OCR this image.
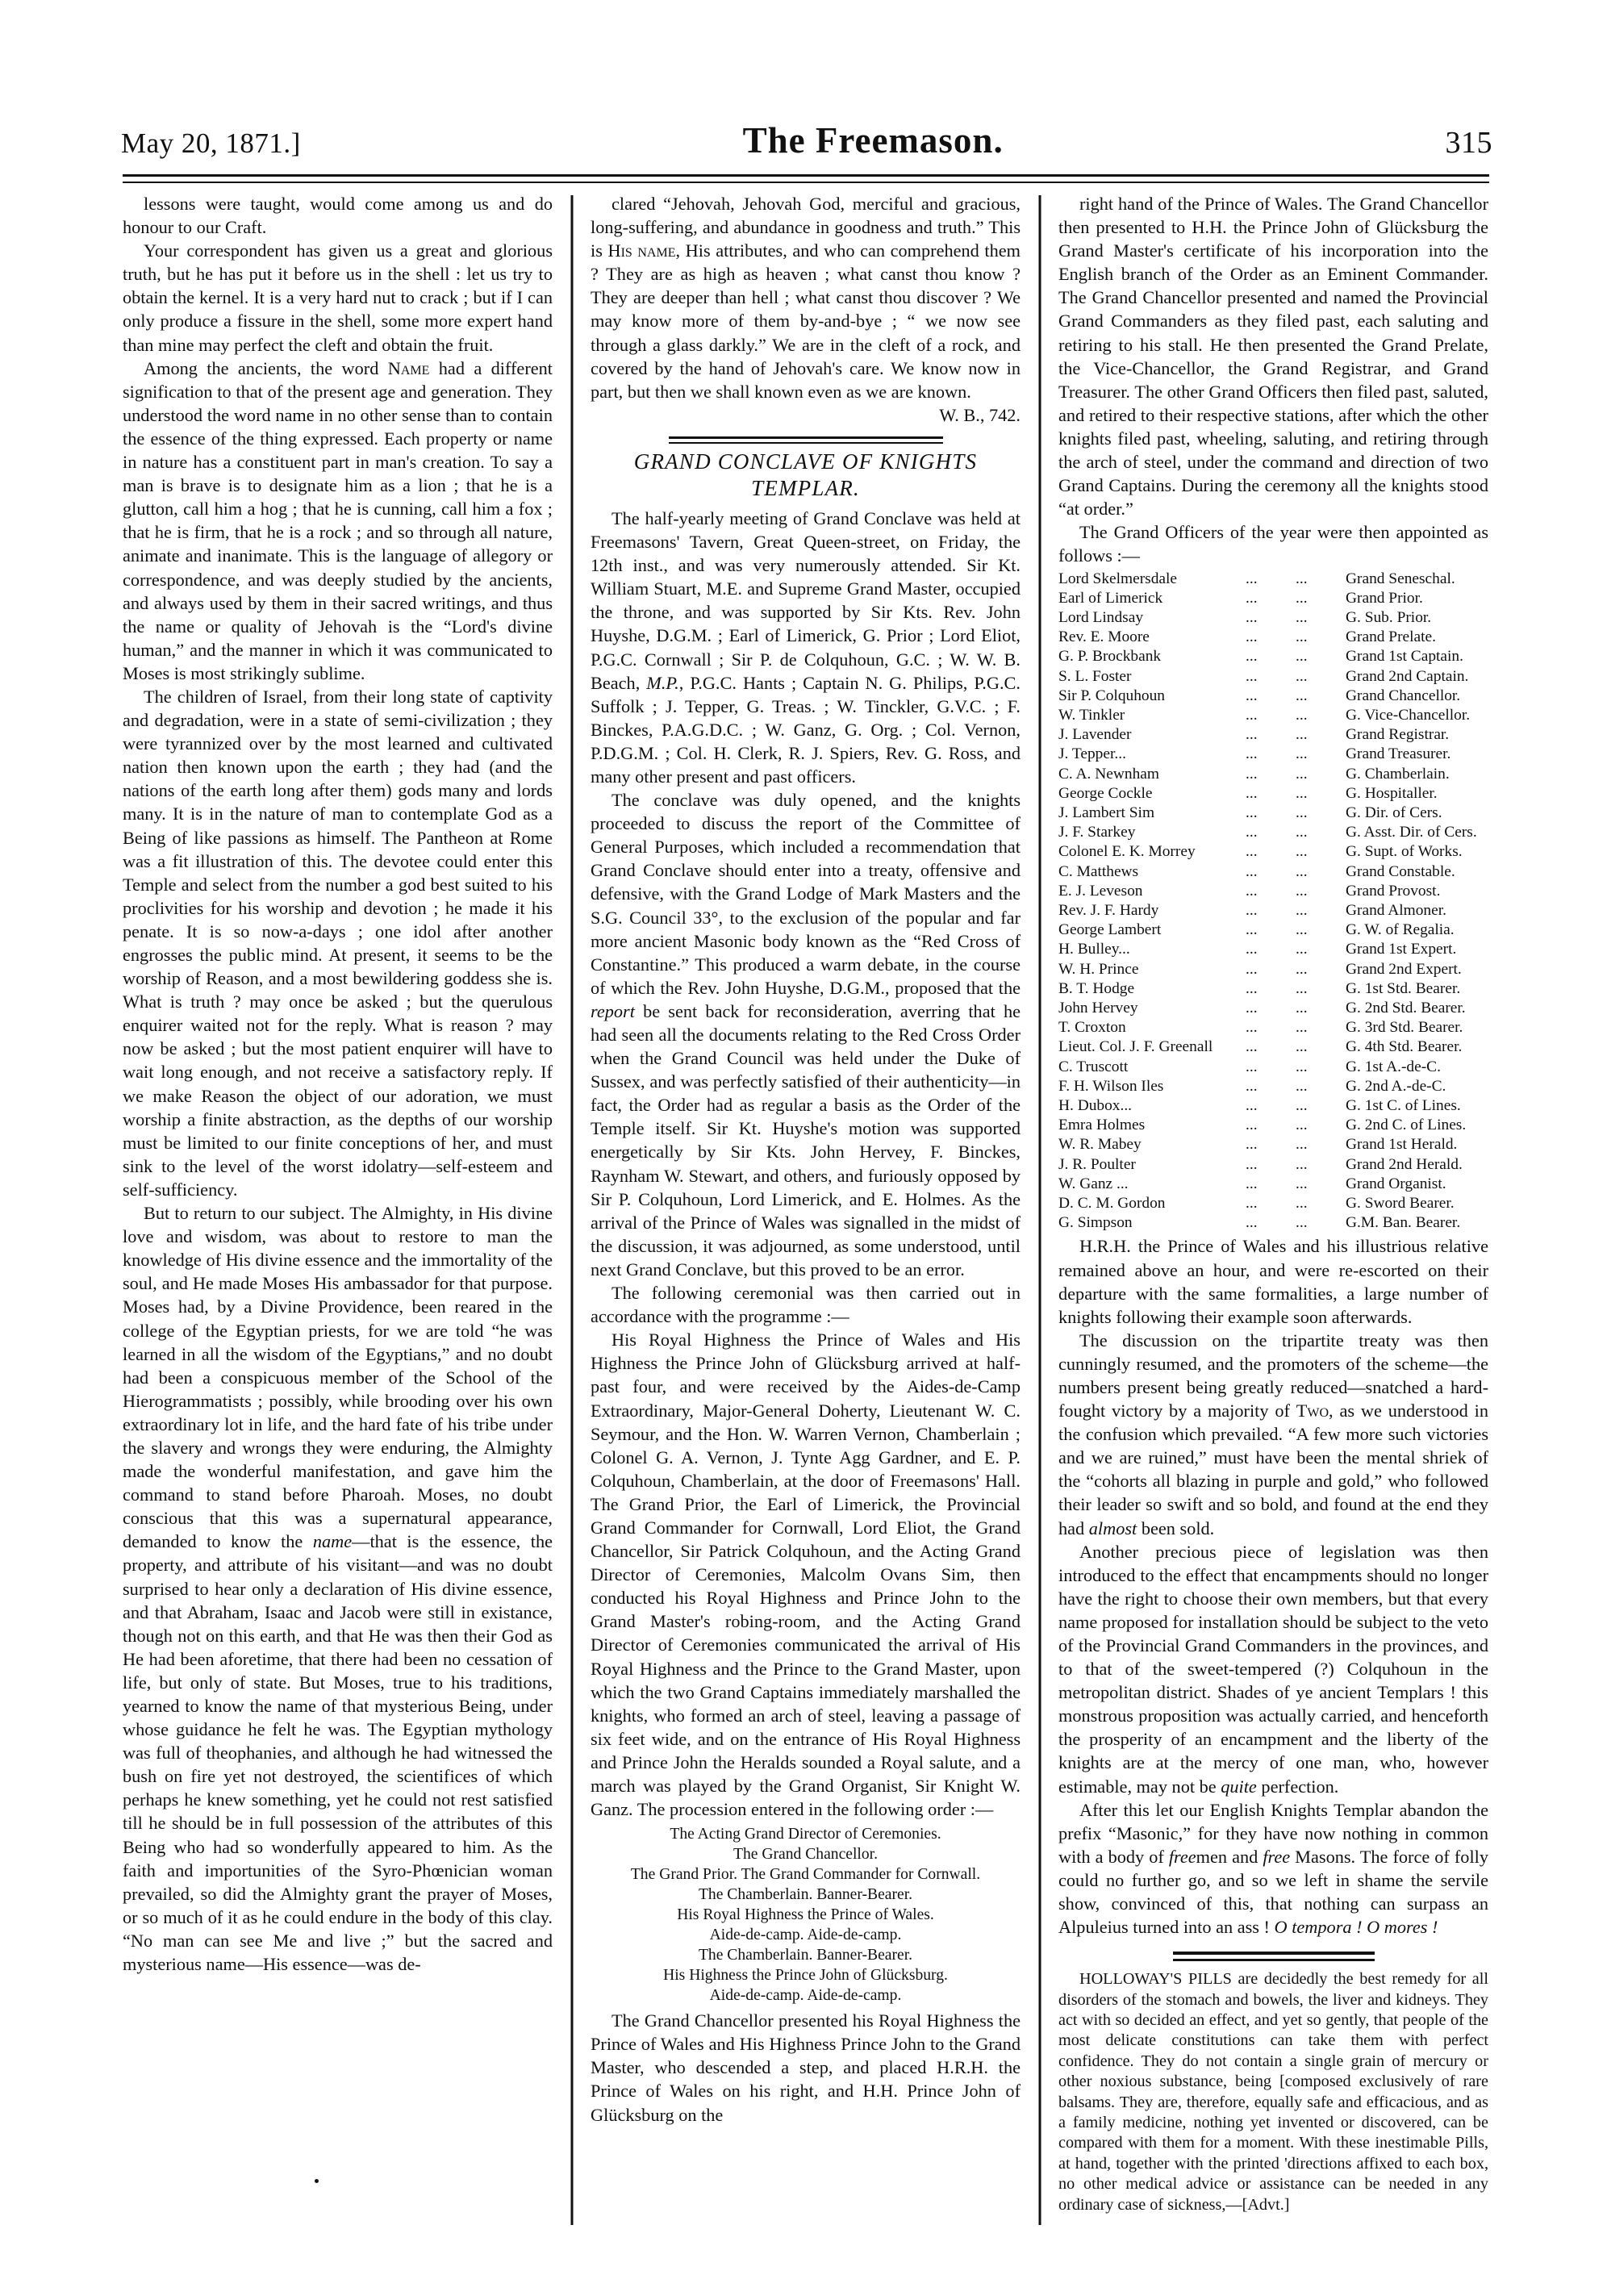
May 20, 1871.]	The Freemason.	315

lessons were taught, would come among us and do honour to our Craft.

Your correspondent has given us a great and glorious truth, but he has put it before us in the shell : let us try to obtain the kernel. It is a very hard nut to crack ; but if I can only produce a fissure in the shell, some more expert hand than mine may perfect the cleft and obtain the fruit.

Among the ancients, the word Name had a different signification to that of the present age and generation. They understood the word name in no other sense than to contain the essence of the thing expressed. Each property or name in nature has a constituent part in man's creation. To say a man is brave is to designate him as a lion ; that he is a glutton, call him a hog ; that he is cunning, call him a fox ; that he is firm, that he is a rock ; and so through all nature, animate and inanimate. This is the language of allegory or correspondence, and was deeply studied by the ancients, and always used by them in their sacred writings, and thus the name or quality of Jehovah is the “Lord's divine human,” and the manner in which it was communicated to Moses is most strikingly sublime.

The children of Israel, from their long state of captivity and degradation, were in a state of semi-civilization ; they were tyrannized over by the most learned and cultivated nation then known upon the earth ; they had (and the nations of the earth long after them) gods many and lords many. It is in the nature of man to contemplate God as a Being of like passions as himself. The Pantheon at Rome was a fit illustration of this. The devotee could enter this Temple and select from the number a god best suited to his proclivities for his worship and devotion ; he made it his penate. It is so now-a-days ; one idol after another engrosses the public mind. At present, it seems to be the worship of Reason, and a most bewildering goddess she is. What is truth ? may once be asked ; but the querulous enquirer waited not for the reply. What is reason ? may now be asked ; but the most patient enquirer will have to wait long enough, and not receive a satisfactory reply. If we make Reason the object of our adoration, we must worship a finite abstraction, as the depths of our worship must be limited to our finite conceptions of her, and must sink to the level of the worst idolatry—self-esteem and self-sufficiency.

But to return to our subject. The Almighty, in His divine love and wisdom, was about to restore to man the knowledge of His divine essence and the immortality of the soul, and He made Moses His ambassador for that purpose. Moses had, by a Divine Providence, been reared in the college of the Egyptian priests, for we are told “he was learned in all the wisdom of the Egyptians,” and no doubt had been a conspicuous member of the School of the Hierogrammatists ; possibly, while brooding over his own extraordinary lot in life, and the hard fate of his tribe under the slavery and wrongs they were enduring, the Almighty made the wonderful manifestation, and gave him the command to stand before Pharoah. Moses, no doubt conscious that this was a supernatural appearance, demanded to know the name—that is the essence, the property, and attribute of his visitant—and was no doubt surprised to hear only a declaration of His divine essence, and that Abraham, Isaac and Jacob were still in existance, though not on this earth, and that He was then their God as He had been aforetime, that there had been no cessation of life, but only of state. But Moses, true to his traditions, yearned to know the name of that mysterious Being, under whose guidance he felt he was. The Egyptian mythology was full of theophanies, and although he had witnessed the bush on fire yet not destroyed, the scientifices of which perhaps he knew something, yet he could not rest satisfied till he should be in full possession of the attributes of this Being who had so wonderfully appeared to him. As the faith and importunities of the Syro-Phœnician woman prevailed, so did the Almighty grant the prayer of Moses, or so much of it as he could endure in the body of this clay. “No man can see Me and live ;” but the sacred and mysterious name—His essence—was de-

clared “Jehovah, Jehovah God, merciful and gracious, long-suffering, and abundance in goodness and truth.” This is His name, His attributes, and who can comprehend them ? They are as high as heaven ; what canst thou know ? They are deeper than hell ; what canst thou discover ? We may know more of them by-and-bye ; “ we now see through a glass darkly.” We are in the cleft of a rock, and covered by the hand of Jehovah's care. We know now in part, but then we shall known even as we are known.

W. B., 742.

GRAND CONCLAVE OF KNIGHTS
TEMPLAR.

The half-yearly meeting of Grand Conclave was held at Freemasons' Tavern, Great Queen-street, on Friday, the 12th inst., and was very numerously attended. Sir Kt. William Stuart, M.E. and Supreme Grand Master, occupied the throne, and was supported by Sir Kts. Rev. John Huyshe, D.G.M. ; Earl of Limerick, G. Prior ; Lord Eliot, P.G.C. Cornwall ; Sir P. de Colquhoun, G.C. ; W. W. B. Beach, M.P., P.G.C. Hants ; Captain N. G. Philips, P.G.C. Suffolk ; J. Tepper, G. Treas. ; W. Tinckler, G.V.C. ; F. Binckes, P.A.G.D.C. ; W. Ganz, G. Org. ; Col. Vernon, P.D.G.M. ; Col. H. Clerk, R. J. Spiers, Rev. G. Ross, and many other present and past officers.

The conclave was duly opened, and the knights proceeded to discuss the report of the Committee of General Purposes, which included a recommendation that Grand Conclave should enter into a treaty, offensive and defensive, with the Grand Lodge of Mark Masters and the S.G. Council 33°, to the exclusion of the popular and far more ancient Masonic body known as the “Red Cross of Constantine.” This produced a warm debate, in the course of which the Rev. John Huyshe, D.G.M., proposed that the report be sent back for reconsideration, averring that he had seen all the documents relating to the Red Cross Order when the Grand Council was held under the Duke of Sussex, and was perfectly satisfied of their authenticity—in fact, the Order had as regular a basis as the Order of the Temple itself. Sir Kt. Huyshe's motion was supported energetically by Sir Kts. John Hervey, F. Binckes, Raynham W. Stewart, and others, and furiously opposed by Sir P. Colquhoun, Lord Limerick, and E. Holmes. As the arrival of the Prince of Wales was signalled in the midst of the discussion, it was adjourned, as some understood, until next Grand Conclave, but this proved to be an error.

The following ceremonial was then carried out in accordance with the programme :—

His Royal Highness the Prince of Wales and His Highness the Prince John of Glücksburg arrived at half-past four, and were received by the Aides-de-Camp Extraordinary, Major-General Doherty, Lieutenant W. C. Seymour, and the Hon. W. Warren Vernon, Chamberlain ; Colonel G. A. Vernon, J. Tynte Agg Gardner, and E. P. Colquhoun, Chamberlain, at the door of Freemasons' Hall. The Grand Prior, the Earl of Limerick, the Provincial Grand Commander for Cornwall, Lord Eliot, the Grand Chancellor, Sir Patrick Colquhoun, and the Acting Grand Director of Ceremonies, Malcolm Ovans Sim, then conducted his Royal Highness and Prince John to the Grand Master's robing-room, and the Acting Grand Director of Ceremonies communicated the arrival of His Royal Highness and the Prince to the Grand Master, upon which the two Grand Captains immediately marshalled the knights, who formed an arch of steel, leaving a passage of six feet wide, and on the entrance of His Royal Highness and Prince John the Heralds sounded a Royal salute, and a march was played by the Grand Organist, Sir Knight W. Ganz. The procession entered in the following order :—

The Acting Grand Director of Ceremonies.
The Grand Chancellor.
The Grand Prior. The Grand Commander for Cornwall.
The Chamberlain. Banner-Bearer.
His Royal Highness the Prince of Wales.
Aide-de-camp. Aide-de-camp.
The Chamberlain. Banner-Bearer.
His Highness the Prince John of Glücksburg.
Aide-de-camp. Aide-de-camp.

The Grand Chancellor presented his Royal Highness the Prince of Wales and His Highness Prince John to the Grand Master, who descended a step, and placed H.R.H. the Prince of Wales on his right, and H.H. Prince John of Glücksburg on the

right hand of the Prince of Wales. The Grand Chancellor then presented to H.H. the Prince John of Glücksburg the Grand Master's certificate of his incorporation into the English branch of the Order as an Eminent Commander. The Grand Chancellor presented and named the Provincial Grand Commanders as they filed past, each saluting and retiring to his stall. He then presented the Grand Prelate, the Vice-Chancellor, the Grand Registrar, and Grand Treasurer. The other Grand Officers then filed past, saluted, and retired to their respective stations, after which the other knights filed past, wheeling, saluting, and retiring through the arch of steel, under the command and direction of two Grand Captains. During the ceremony all the knights stood “at order.”

The Grand Officers of the year were then appointed as follows :—

Lord Skelmersdale	...	...	Grand Seneschal.
Earl of Limerick	...	...	Grand Prior.
Lord Lindsay	...	...	G. Sub. Prior.
Rev. E. Moore	...	...	Grand Prelate.
G. P. Brockbank	...	...	Grand 1st Captain.
S. L. Foster	...	...	Grand 2nd Captain.
Sir P. Colquhoun	...	...	Grand Chancellor.
W. Tinkler	...	...	G. Vice-Chancellor.
J. Lavender	...	...	Grand Registrar.
J. Tepper...	...	...	Grand Treasurer.
C. A. Newnham	...	...	G. Chamberlain.
George Cockle	...	...	G. Hospitaller.
J. Lambert Sim	...	...	G. Dir. of Cers.
J. F. Starkey	...	...	G. Asst. Dir. of Cers.
Colonel E. K. Morrey	...	...	G. Supt. of Works.
C. Matthews	...	...	Grand Constable.
E. J. Leveson	...	...	Grand Provost.
Rev. J. F. Hardy	...	...	Grand Almoner.
George Lambert	...	...	G. W. of Regalia.
H. Bulley...	...	...	Grand 1st Expert.
W. H. Prince	...	...	Grand 2nd Expert.
B. T. Hodge	...	...	G. 1st Std. Bearer.
John Hervey	...	...	G. 2nd Std. Bearer.
T. Croxton	...	...	G. 3rd Std. Bearer.
Lieut. Col. J. F. Greenall	...	...	G. 4th Std. Bearer.
C. Truscott	...	...	G. 1st A.-de-C.
F. H. Wilson Iles	...	...	G. 2nd A.-de-C.
H. Dubox...	...	...	G. 1st C. of Lines.
Emra Holmes	...	...	G. 2nd C. of Lines.
W. R. Mabey	...	...	Grand 1st Herald.
J. R. Poulter	...	...	Grand 2nd Herald.
W. Ganz ...	...	...	Grand Organist.
D. C. M. Gordon	...	...	G. Sword Bearer.
G. Simpson	...	...	G.M. Ban. Bearer.

H.R.H. the Prince of Wales and his illustrious relative remained above an hour, and were re-escorted on their departure with the same formalities, a large number of knights following their example soon afterwards.

The discussion on the tripartite treaty was then cunningly resumed, and the promoters of the scheme—the numbers present being greatly reduced—snatched a hard-fought victory by a majority of Two, as we understood in the confusion which prevailed. “A few more such victories and we are ruined,” must have been the mental shriek of the “cohorts all blazing in purple and gold,” who followed their leader so swift and so bold, and found at the end they had almost been sold.

Another precious piece of legislation was then introduced to the effect that encampments should no longer have the right to choose their own members, but that every name proposed for installation should be subject to the veto of the Provincial Grand Commanders in the provinces, and to that of the sweet-tempered (?) Colquhoun in the metropolitan district. Shades of ye ancient Templars ! this monstrous proposition was actually carried, and henceforth the prosperity of an encampment and the liberty of the knights are at the mercy of one man, who, however estimable, may not be quite perfection.

After this let our English Knights Templar abandon the prefix “Masonic,” for they have now nothing in common with a body of freemen and free Masons. The force of folly could no further go, and so we left in shame the servile show, convinced of this, that nothing can surpass an Alpuleius turned into an ass ! O tempora ! O mores !

HOLLOWAY'S PILLS are decidedly the best remedy for all disorders of the stomach and bowels, the liver and kidneys. They act with so decided an effect, and yet so gently, that people of the most delicate constitutions can take them with perfect confidence. They do not contain a single grain of mercury or other noxious substance, being [composed exclusively of rare balsams. They are, therefore, equally safe and efficacious, and as a family medicine, nothing yet invented or discovered, can be compared with them for a moment. With these inestimable Pills, at hand, together with the printed 'directions affixed to each box, no other medical advice or assistance can be needed in any ordinary case of sickness,—[Advt.]
